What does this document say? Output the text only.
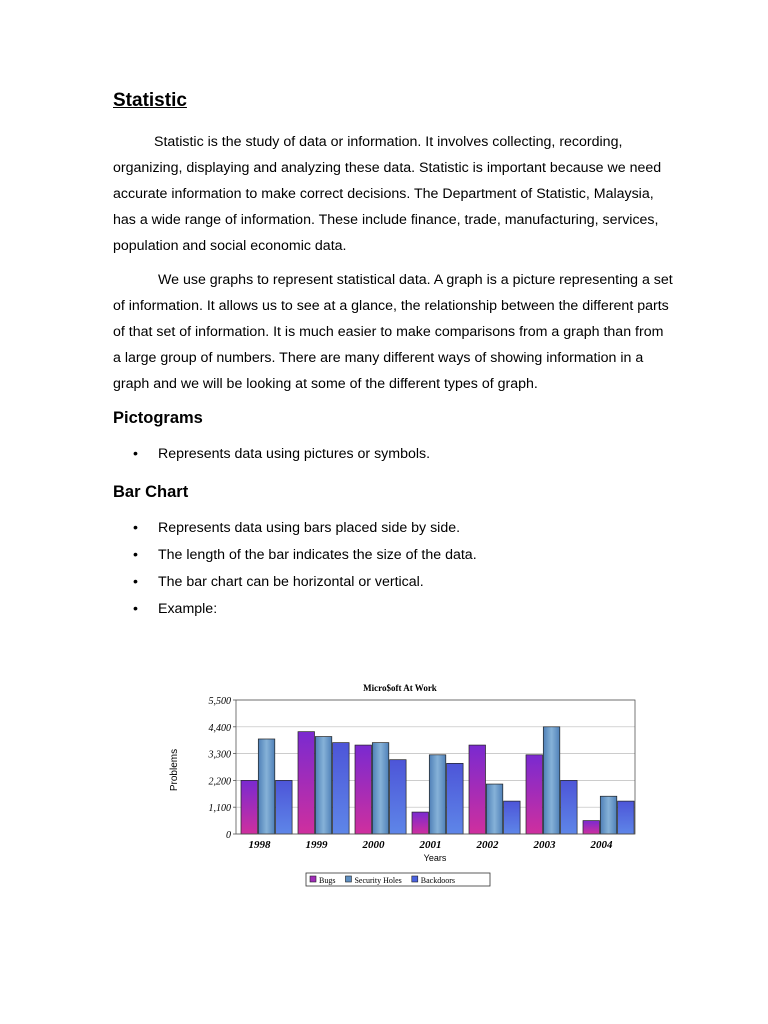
Statistic

Statistic is the study of data or information. It involves collecting, recording, organizing, displaying and analyzing these data. Statistic is important because we need accurate information to make correct decisions. The Department of Statistic, Malaysia, has a wide range of information. These include finance, trade, manufacturing, services, population and social economic data.

We use graphs to represent statistical data. A graph is a picture representing a set of information. It allows us to see at a glance, the relationship between the different parts of that set of information. It is much easier to make comparisons from a graph than from a large group of numbers. There are many different ways of showing information in a graph and we will be looking at some of the different types of graph.

Pictograms
• Represents data using pictures or symbols.
Bar Chart
• Represents data using bars placed side by side.
• The length of the bar indicates the size of the data.
• The bar chart can be horizontal or vertical.
• Example:
Micro$oft At Work
0
1,100
2,200
3,300
4,400
5,500
1998	1999	2000	2001	2002	2003	2004
Problems
Years
Bugs Security Holes Backdoors
